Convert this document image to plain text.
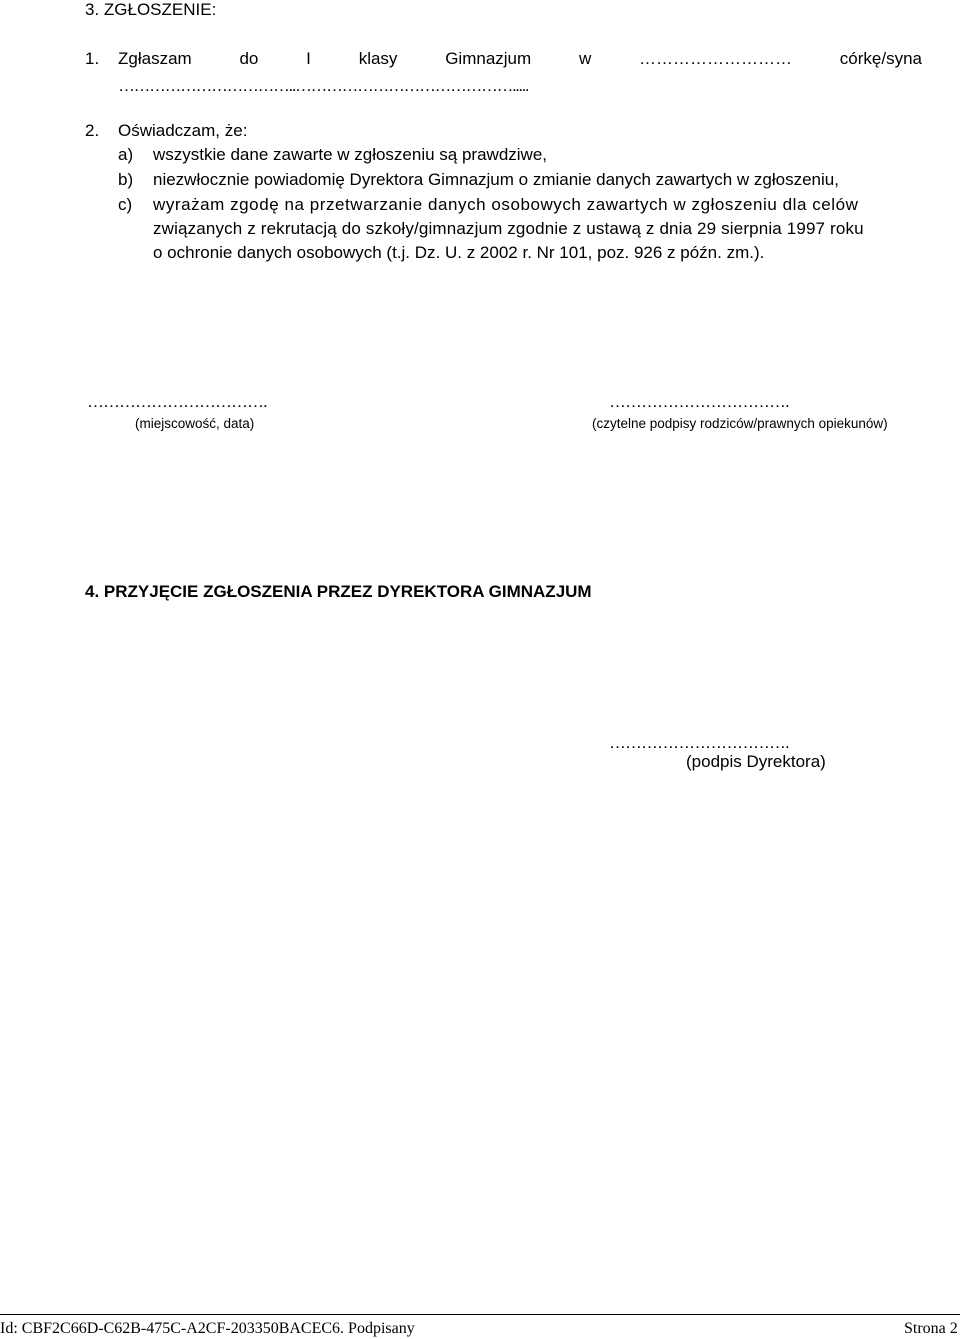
3. ZGŁOSZENIE:
1. Zgłaszam	do	I	klasy	Gimnazjum	w	………………………	córkę/syna
……………………………..…………………………………….....
2. Oświadczam, że:
a) wszystkie dane zawarte w zgłoszeniu są prawdziwe,
b) niezwłocznie powiadomię Dyrektora Gimnazjum o zmianie danych zawartych w zgłoszeniu,
c) wyrażam zgodę na przetwarzanie danych osobowych zawartych w zgłoszeniu dla celów
związanych z rekrutacją do szkoły/gimnazjum zgodnie z ustawą z dnia 29 sierpnia 1997 roku
o ochronie danych osobowych (t.j. Dz. U. z 2002 r. Nr 101, poz. 926 z późn. zm.).
…………………………….
(miejscowość, data)
…………………………….
(czytelne podpisy rodziców/prawnych opiekunów)
4. PRZYJĘCIE ZGŁOSZENIA PRZEZ DYREKTORA GIMNAZJUM
…………………………….
(podpis Dyrektora)
Id: CBF2C66D-C62B-475C-A2CF-203350BACEC6. Podpisany	Strona 2
